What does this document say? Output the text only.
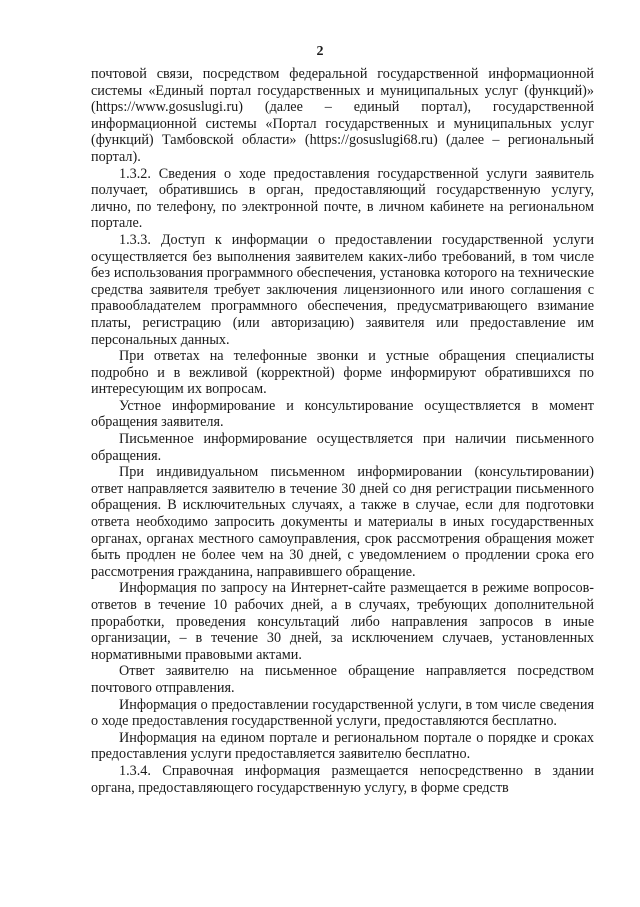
2

почтовой связи, посредством федеральной государственной информационной системы «Единый портал государственных и муниципальных услуг (функций)» (https://www.gosuslugi.ru) (далее – единый портал), государственной информационной системы «Портал государственных и муниципальных услуг (функций) Тамбовской области» (https://gosuslugi68.ru) (далее – региональный портал).

1.3.2. Сведения о ходе предоставления государственной услуги заявитель получает, обратившись в орган, предоставляющий государственную услугу, лично, по телефону, по электронной почте, в личном кабинете на региональном портале.

1.3.3. Доступ к информации о предоставлении государственной услуги осуществляется без выполнения заявителем каких-либо требований, в том числе без использования программного обеспечения, установка которого на технические средства заявителя требует заключения лицензионного или иного соглашения с правообладателем программного обеспечения, предусматривающего взимание платы, регистрацию (или авторизацию) заявителя или предоставление им персональных данных.

При ответах на телефонные звонки и устные обращения специалисты подробно и в вежливой (корректной) форме информируют обратившихся по интересующим их вопросам.

Устное информирование и консультирование осуществляется в момент обращения заявителя.

Письменное информирование осуществляется при наличии письменного обращения.

При индивидуальном письменном информировании (консультировании) ответ направляется заявителю в течение 30 дней со дня регистрации письменного обращения. В исключительных случаях, а также в случае, если для подготовки ответа необходимо запросить документы и материалы в иных государственных органах, органах местного самоуправления, срок рассмотрения обращения может быть продлен не более чем на 30 дней, с уведомлением о продлении срока его рассмотрения гражданина, направившего обращение.

Информация по запросу на Интернет-сайте размещается в режиме вопросов-ответов в течение 10 рабочих дней, а в случаях, требующих дополнительной проработки, проведения консультаций либо направления запросов в иные организации, – в течение 30 дней, за исключением случаев, установленных нормативными правовыми актами.

Ответ заявителю на письменное обращение направляется посредством почтового отправления.

Информация о предоставлении государственной услуги, в том числе сведения о ходе предоставления государственной услуги, предоставляются бесплатно.

Информация на едином портале и региональном портале о порядке и сроках предоставления услуги предоставляется заявителю бесплатно.

1.3.4. Справочная информация размещается непосредственно в здании органа, предоставляющего государственную услугу, в форме средств
